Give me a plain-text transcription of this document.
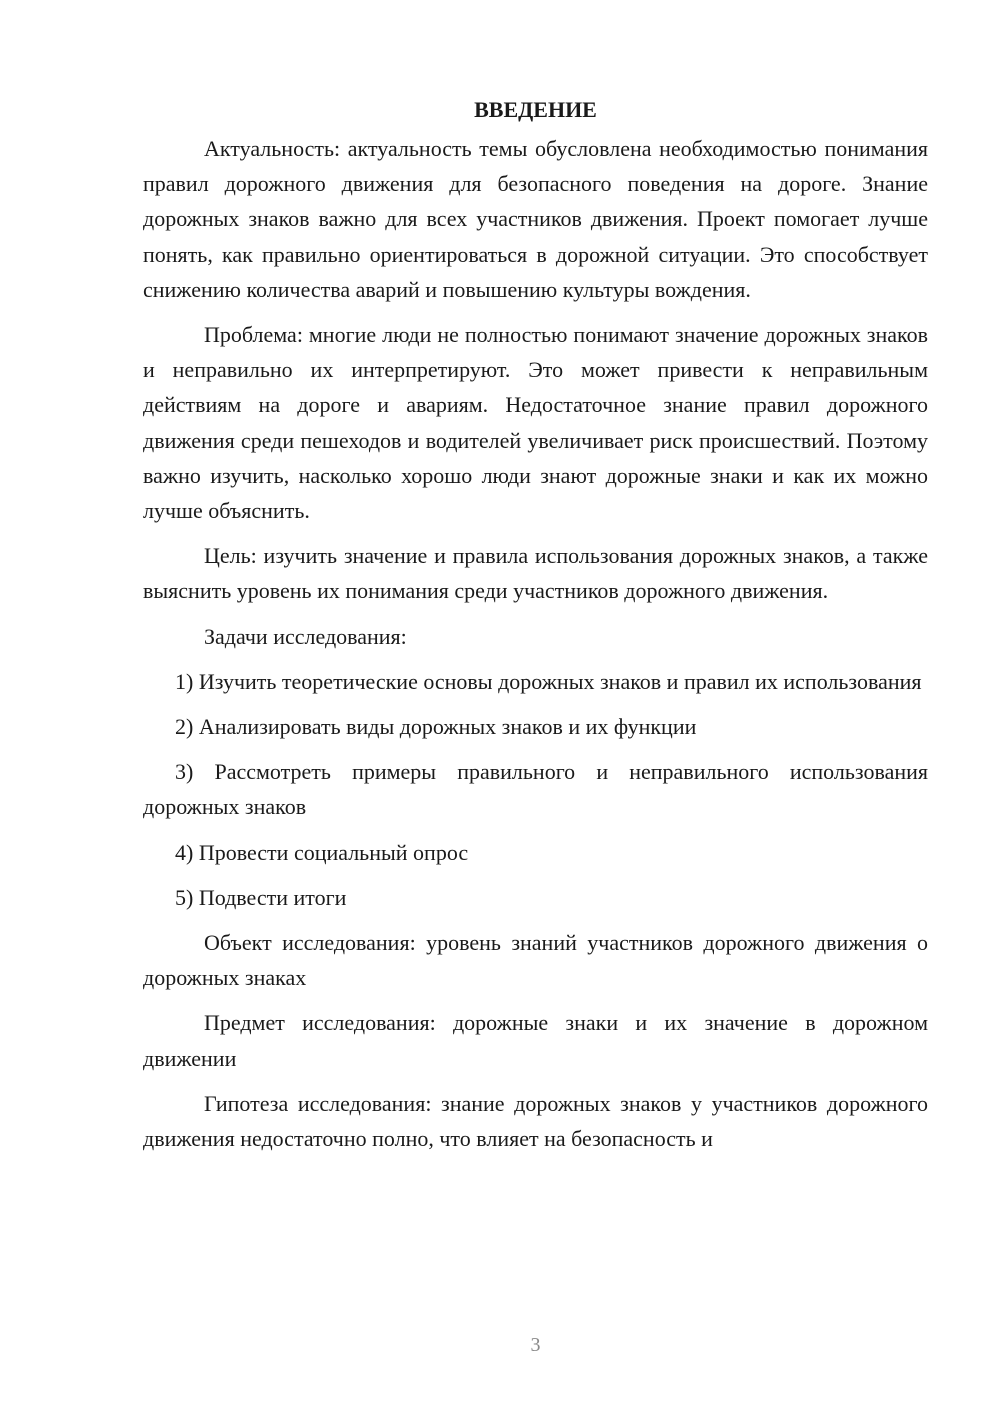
ВВЕДЕНИЕ

Актуальность: актуальность темы обусловлена необходимостью понимания правил дорожного движения для безопасного поведения на дороге. Знание дорожных знаков важно для всех участников движения. Проект помогает лучше понять, как правильно ориентироваться в дорожной ситуации. Это способствует снижению количества аварий и повышению культуры вождения.

Проблема: многие люди не полностью понимают значение дорожных знаков и неправильно их интерпретируют. Это может привести к неправильным действиям на дороге и авариям. Недостаточное знание правил дорожного движения среди пешеходов и водителей увеличивает риск происшествий. Поэтому важно изучить, насколько хорошо люди знают дорожные знаки и как их можно лучше объяснить.

Цель: изучить значение и правила использования дорожных знаков, а также выяснить уровень их понимания среди участников дорожного движения.

Задачи исследования:

1) Изучить теоретические основы дорожных знаков и правил их использования

2) Анализировать виды дорожных знаков и их функции

3) Рассмотреть примеры правильного и неправильного использования дорожных знаков

4) Провести социальный опрос

5) Подвести итоги

Объект исследования: уровень знаний участников дорожного движения о дорожных знаках

Предмет исследования: дорожные знаки и их значение в дорожном движении

Гипотеза исследования: знание дорожных знаков у участников дорожного движения недостаточно полно, что влияет на безопасность и

3
